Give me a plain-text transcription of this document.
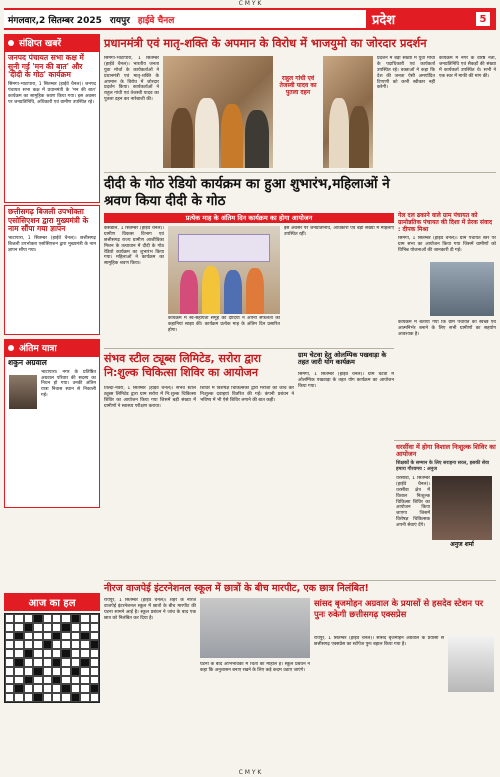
C M Y K
मंगलवार,2 सितम्बर 2025 रायपुर हाईवे चैनल	प्रदेश	5
संक्षिप्त खबरें
जनपद पंचायत सभा कक्ष में सुनी गई 'मन की बात' और 'दीदी के गोठ' कार्यक्रम
सिमगा-भाटापारा, 1 सितम्बर (हाईवे चैनल)। जनपद पंचायत सभा कक्ष में प्रधानमंत्री के 'मन की बात' कार्यक्रम का सामूहिक श्रवण किया गया। इस अवसर पर जनप्रतिनिधि, अधिकारी एवं ग्रामीण उपस्थित रहे।
छत्तीसगढ़ बिजली उपभोक्ता एसोसिएशन द्वारा मुख्यमंत्री के नाम सौंपा गया ज्ञापन
भाटापारा, 1 सितम्बर (हाईवे चैनल)। छत्तीसगढ़ बिजली उपभोक्ता एसोसिएशन द्वारा मुख्यमंत्री के नाम ज्ञापन सौंपा गया।
अंतिम यात्रा
शकुन अग्रवाल
भाटापारा। नगर के प्रतिष्ठित अग्रवाल परिवार की सदस्य का निधन हो गया। उनकी अंतिम यात्रा निवास स्थान से निकाली गई।
आज का हल
प्रधानमंत्री एवं मातृ-शक्ति के अपमान के विरोध में भाजयुमो का जोरदार प्रदर्शन
सिमगा-भाटापारा, 1 सितम्बर (हाईवे चैनल)। भारतीय जनता युवा मोर्चा के कार्यकर्ताओं ने प्रधानमंत्री एवं मातृ-शक्ति के अपमान के विरोध में जोरदार प्रदर्शन किया। कार्यकर्ताओं ने राहुल गांधी एवं तेजस्वी यादव का पुतला दहन कर नारेबाजी की।
राहुल गांधी एवं तेजस्वी यादव का पुतला दहन
प्रदर्शन में बड़ी संख्या में युवा मोर्चा के पदाधिकारी एवं कार्यकर्ता उपस्थित रहे। वक्ताओं ने कहा कि देश की जनता ऐसी अमर्यादित टिप्पणी को कभी स्वीकार नहीं करेगी।
कार्यक्रम में नगर के वरिष्ठ नेता, जनप्रतिनिधि एवं सैकड़ों की संख्या में कार्यकर्ता उपस्थित थे। सभी ने एक स्वर में माफी की मांग की।
दीदी के गोठ रेडियो कार्यक्रम का हुआ शुभारंभ,महिलाओं ने श्रवण किया दीदी के गोठ
प्रत्येक माह के अंतिम दिन कार्यक्रम का होगा आयोजन
कसडोल, 1 सितम्बर (हाईवे चैनल)। ग्रामीण विकास विभाग एवं छत्तीसगढ़ राज्य ग्रामीण आजीविका मिशन के तत्वाधान में दीदी के गोठ रेडियो कार्यक्रम का शुभारंभ किया गया। महिलाओं ने कार्यक्रम का सामूहिक श्रवण किया।
कार्यक्रम में स्व-सहायता समूह की दीदियों ने अपनी सफलता की कहानियां साझा कीं। कार्यक्रम प्रत्येक माह के अंतिम दिन प्रसारित होगा।
इस अवसर पर जनप्रतिनिधि, अधिकारी एवं बड़ी संख्या में महिलाएं उपस्थित रहीं।
गेल दल ढकाने वाले ग्राम पंचायत को ग्रामोन्नतिक पंचायत की दिशा में प्रेरक संवाद : दीपक मिश्रा
सिमगा, 1 सितम्बर (हाईवे चैनल)। ग्राम पंचायत स्तर पर ग्राम सभा का आयोजन किया गया जिसमें ग्रामीणों को विभिन्न योजनाओं की जानकारी दी गई।
कार्यक्रम में बताया गया कि ग्राम पंचायत को स्वच्छ एवं आत्मनिर्भर बनाने के लिए सभी ग्रामीणों का सहयोग आवश्यक है।
संभव स्टील ट्यूब्स लिमिटेड, सरोरा द्वारा नि:शुल्क चिकित्सा शिविर का आयोजन
तिल्दा-नेवरा, 1 सितम्बर (हाईवे चैनल)। संभव स्टील ट्यूब्स लिमिटेड द्वारा ग्राम सरोरा में नि:शुल्क चिकित्सा शिविर का आयोजन किया गया जिसमें बड़ी संख्या में ग्रामीणों ने स्वास्थ्य परीक्षण कराया।
शिविर में विशेषज्ञ चिकित्सकों द्वारा मरीजों की जांच कर निःशुल्क दवाइयां वितरित की गईं। कंपनी प्रबंधन ने भविष्य में भी ऐसे शिविर लगाने की बात कही।
ग्राम चेटवा हेतु ओलम्पिक पखवाड़ा के तहत जारी योग कार्यक्रम
सिमगा, 1 सितम्बर (हाईवे चैनल)। ग्राम चेटवा में ओलम्पिक पखवाड़ा के तहत योग कार्यक्रम का आयोजन किया गया।
धरसींवा में होगा विशाल निःशुल्क शिविर का आयोजन
शिक्षकों के सम्मान के लिए सराहना सरल, इसकी सेवा हमारा गौरवमय : अनुज
अनुज शर्मा
धरसींवा, 1 सितम्बर (हाईवे चैनल)। धरसींवा क्षेत्र में विशाल निःशुल्क चिकित्सा शिविर का आयोजन किया जाएगा जिसमें विशेषज्ञ चिकित्सक अपनी सेवाएं देंगे।
नीरज वाजपेई इंटरनेशनल स्कूल में छात्रों के बीच मारपीट, एक छात्र निलंबित!
रायपुर, 1 सितम्बर (हाईवे चैनल)। शहर के नीरज वाजपेई इंटरनेशनल स्कूल में छात्रों के बीच मारपीट की घटना सामने आई है। स्कूल प्रबंधन ने जांच के बाद एक छात्र को निलंबित कर दिया है।
घटना के बाद अभिभावकों में चिंता का माहौल है। स्कूल प्रबंधन ने कहा कि अनुशासन बनाए रखने के लिए कड़े कदम उठाए जाएंगे।
सांसद बृजमोहन अग्रवाल के प्रयासों से हसदेव स्टेशन पर पुनः रुकेगी छत्तीसगढ़ एक्सप्रेस
रायपुर, 1 सितम्बर (हाईवे चैनल)। सांसद बृजमोहन अग्रवाल के प्रयासों से छत्तीसगढ़ एक्सप्रेस का स्टॉपेज पुनः बहाल किया गया है।
C M Y K
